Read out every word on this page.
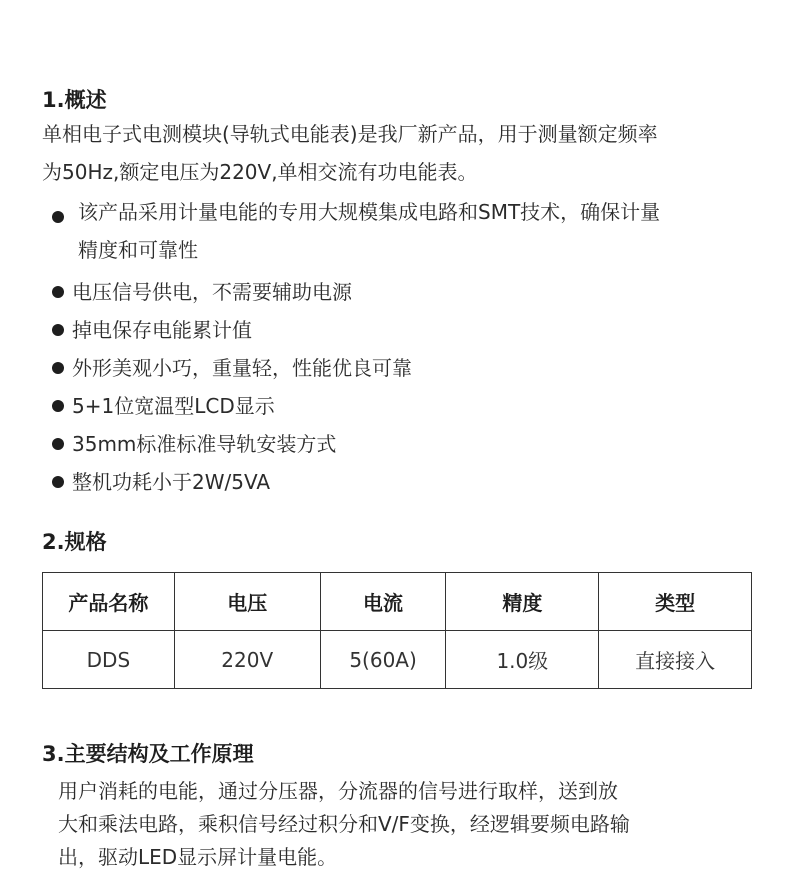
1.概述
单相电子式电测模块(导轨式电能表)是我厂新产品，用于测量额定频率
为50Hz,额定电压为220V,单相交流有功电能表。
该产品采用计量电能的专用大规模集成电路和SMT技术，确保计量
精度和可靠性
电压信号供电，不需要辅助电源
掉电保存电能累计值
外形美观小巧，重量轻，性能优良可靠
5+1位宽温型LCD显示
35mm标准标准导轨安装方式
整机功耗小于2W/5VA
2.规格
产品名称	电压	电流	精度	类型
DDS	220V	5(60A)	1.0级	直接接入
3.主要结构及工作原理
用户消耗的电能，通过分压器，分流器的信号进行取样，送到放
大和乘法电路，乘积信号经过积分和V/F变换，经逻辑要频电路输
出，驱动LED显示屏计量电能。
